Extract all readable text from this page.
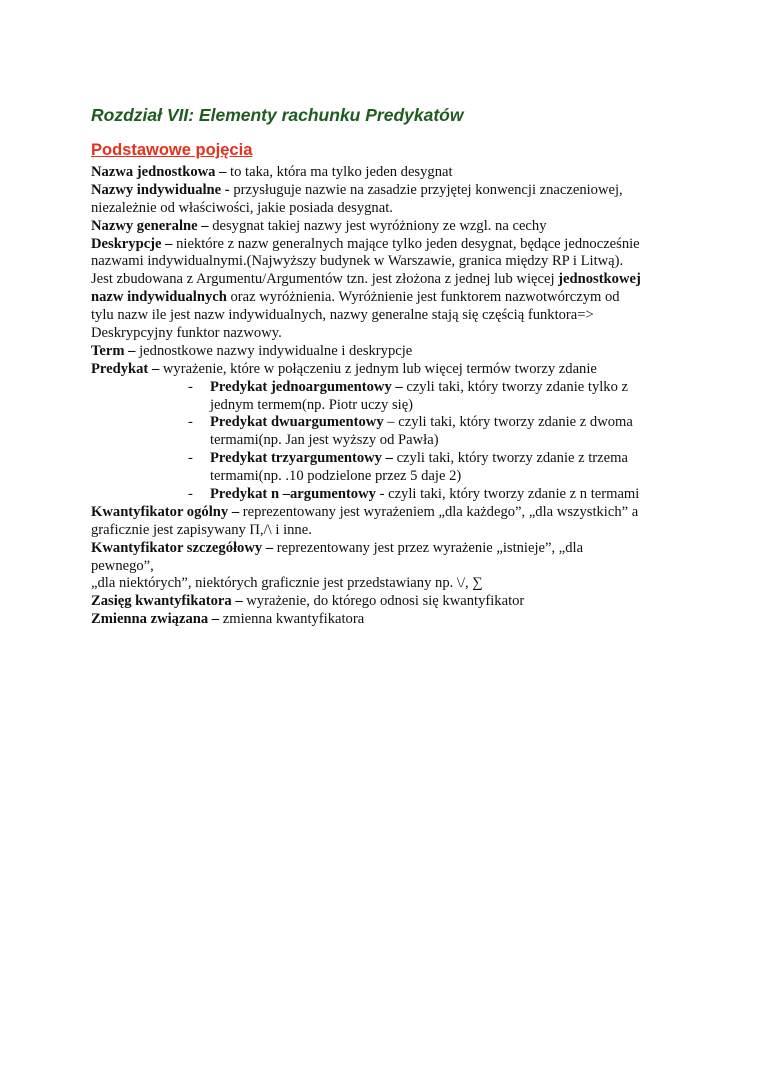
Rozdział VII: Elementy rachunku Predykatów
Podstawowe pojęcia
Nazwa jednostkowa – to taka, która ma tylko jeden desygnat
Nazwy indywidualne - przysługuje nazwie na zasadzie przyjętej konwencji znaczeniowej,
niezależnie od właściwości, jakie posiada desygnat.
Nazwy generalne – desygnat takiej nazwy jest wyróżniony ze wzgl. na cechy
Deskrypcje – niektóre z nazw generalnych mające tylko jeden desygnat, będące jednocześnie
nazwami indywidualnymi.(Najwyższy budynek w Warszawie, granica między RP i Litwą).
Jest zbudowana z Argumentu/Argumentów tzn. jest złożona z jednej lub więcej jednostkowej
nazw indywidualnych oraz wyróżnienia. Wyróżnienie jest funktorem nazwotwórczym od
tylu nazw ile jest nazw indywidualnych, nazwy generalne stają się częścią funktora=>
Deskrypcyjny funktor nazwowy.
Term – jednostkowe nazwy indywidualne i deskrypcje
Predykat – wyrażenie, które w połączeniu z jednym lub więcej termów tworzy zdanie
- Predykat jednoargumentowy – czyli taki, który tworzy zdanie tylko z
jednym termem(np. Piotr uczy się)
- Predykat dwuargumentowy – czyli taki, który tworzy zdanie z dwoma
termami(np. Jan jest wyższy od Pawła)
- Predykat trzyargumentowy – czyli taki, który tworzy zdanie z trzema
termami(np. .10 podzielone przez 5 daje 2)
- Predykat n –argumentowy - czyli taki, który tworzy zdanie z n termami
Kwantyfikator ogólny – reprezentowany jest wyrażeniem „dla każdego”, „dla wszystkich” a
graficznie jest zapisywany Π,/\ i inne.
Kwantyfikator szczegółowy – reprezentowany jest przez wyrażenie „istnieje”, „dla
pewnego”,
„dla niektórych”, niektórych graficznie jest przedstawiany np. \/, ∑
Zasięg kwantyfikatora – wyrażenie, do którego odnosi się kwantyfikator
Zmienna związana – zmienna kwantyfikatora
